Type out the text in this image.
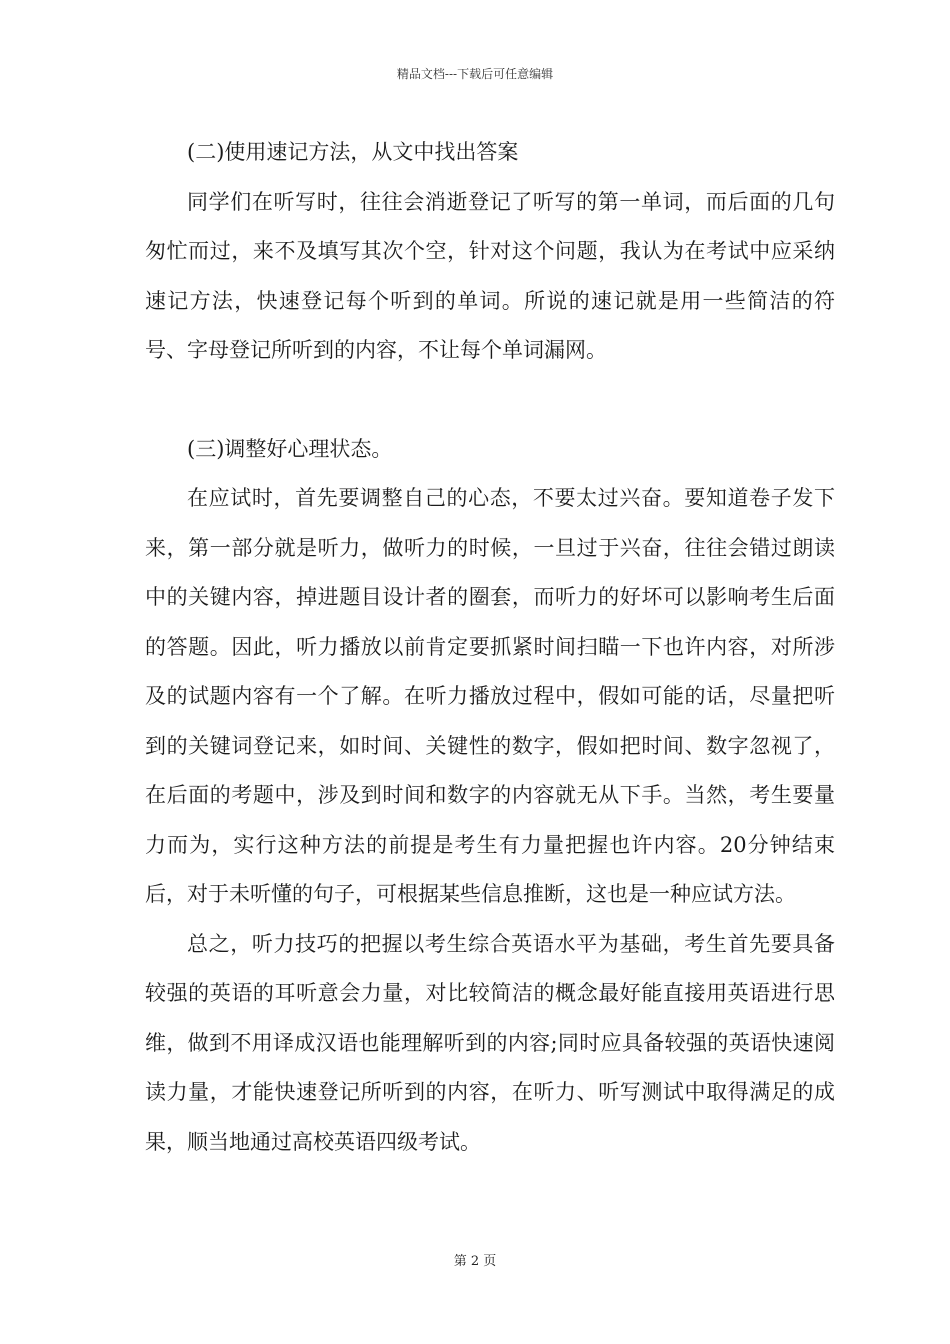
精品文档---下载后可任意编辑

(二)使用速记方法，从文中找出答案

同学们在听写时，往往会消逝登记了听写的第一单词，而后面的几句匆忙而过，来不及填写其次个空，针对这个问题，我认为在考试中应采纳速记方法，快速登记每个听到的单词。所说的速记就是用一些简洁的符号、字母登记所听到的内容，不让每个单词漏网。

(三)调整好心理状态。

在应试时，首先要调整自己的心态，不要太过兴奋。要知道卷子发下来，第一部分就是听力，做听力的时候，一旦过于兴奋，往往会错过朗读中的关键内容，掉进题目设计者的圈套，而听力的好坏可以影响考生后面的答题。因此，听力播放以前肯定要抓紧时间扫瞄一下也许内容，对所涉及的试题内容有一个了解。在听力播放过程中，假如可能的话，尽量把听到的关键词登记来，如时间、关键性的数字，假如把时间、数字忽视了，在后面的考题中，涉及到时间和数字的内容就无从下手。当然，考生要量力而为，实行这种方法的前提是考生有力量把握也许内容。20分钟结束后，对于未听懂的句子，可根据某些信息推断，这也是一种应试方法。

总之，听力技巧的把握以考生综合英语水平为基础，考生首先要具备较强的英语的耳听意会力量，对比较简洁的概念最好能直接用英语进行思维，做到不用译成汉语也能理解听到的内容;同时应具备较强的英语快速阅读力量，才能快速登记所听到的内容，在听力、听写测试中取得满足的成果，顺当地通过高校英语四级考试。

第 2 页
